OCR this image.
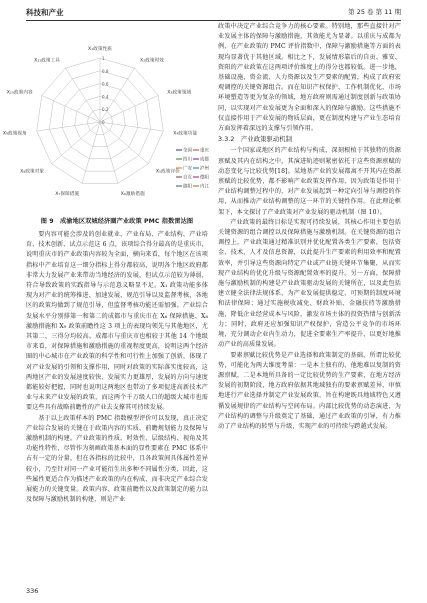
科技和产业	第 25 卷 第 11 期
X₁政策性质
X₂政策时效
X₃政策领域
X₄政策功能
X₅政策评价
X₆激励措施
X₇保障措施
X₈政策对象
X₉政策视角
X₁₀政策内容
X₁₁政策工具
1
0.8
0.6
0.4
0.2
0
全国 重庆
四川 成都
广安 泸州
自贡 德阳
绵阳 内江
图 9　成渝地区双城经济圈产业政策 PMC 指数雷达图

要内容可能会涉及的创业就业、产业布局、产业结构、产业培育、技术创新、试点示范这 6 点，该项综合得分最高的是重庆市，说明重庆市的产业政策内容较为全面，横向来看，每个地区在该项指标中产业培育这一细分指标上得分都较高，说明各个地区政府都非常大力发展产业来带动当地经济的发展，但试点示范较为薄弱，符合导致政策的实践指导与示范意义略显不足。X₁ 政策功能多体现为对产业的统筹推进、加速发展、规范引导以及监督考核，各地区的政策均做到了规范引导，但监督考核功能还需加强。产业综合发展水平分别排第一和第二的成都市与重庆市在 X₆ 保障措施、X₈ 激励措施和 X₉ 政策前瞻性这 3 项上的表现均领先与其他地区，尤其第二、三得分均较高。成都市与重庆市也相较于其他 14 个地级市来看，对保障措施和激励措施的重视程度更高，说明这两个经济圈的中心城市在产业政策的科学性和可行性上加强了创新，体现了对产业发展的引领和支撑作用，同时对政策的实际落实度较高，这两地区产业的发展速度较快、发展实力更雄厚，发展的方向与速度都能较好把握，同时也说明这两地区也带动了多项促进高新技术产业与未来产业发展的政策，而这两个千万级人口的超级大城市也需要这些具有战略前瞻性的产业去支撑其可持续发展。

基于以上政策样本的 PMC 指数模型评价可以发现，真正决定产业综合发展的关键在于政策内容的实质、前瞻规划能力及保障与激励机制的构建。产业政策的性质、时效性、层级结构、视角及其功能性特性，尽管作为刻画政策基本面的显性要素在 PMC 体系中占有一定的分量，但在各指标的比较中，且各政策间具体属性差异较小，乃至针对同一产业可能衍生出多种不同属性分类，因此，这些属性更适合作为描述产业政策的内在构成，而非决定产业综合发展能力的关键变量。政策内容、政策前瞻性以及政策制定的能力以及保障与激励机制的构建，则是产业

政策中决定产业综合竞争力的核心要素。特别地，那些直接针对产业发展主体的保障与激励措施，其效能尤为显著。以重庆与成都为例，在产业政策的 PMC 评价指数中，保障与激励措施等方面的表现均显著优于其他区域。相比之下，发展情形靠后的自贡、雅安、资阳的产业政策在这两项评价维度上的得分也都较低。进一步地，基础设施、资金流、人力资源以及生产要素的配置，构成了政府宏观调控的关键资源组合。而在知识产权保护、工作机制优化、市场环境塑造等更为复杂的领域，地方政府则需通过制度创新与政策协同，以实现对产业发展更为全面和深入的保障与激励。这些措施不仅直接作用于产业发展的物质层面，更在制度构建与产业生态培育方面发挥着深远的支撑与引领作用。

3.3.2　产业政策驱动机制

一个国家或地区的产业结构与构成，深刻根植于其独特的资源禀赋及其内在结构之中，其演进轨迹则紧密依托于这些资源禀赋的动态变化与比较优势[18]。某地基产业的发展都离不开其内在资源禀赋的比较优势，都不影响产业政策发挥作用，因为政策是作用于产业结构调整过程中的，对产业发展起到一种定向引导与调控的作用，从而推动产业结构调整的这一环节的关键性作用。在此理论框架下，本文探讨了产业政策对产业发展的驱动机制（图 10）。

产业政策的最终目标是实现可持续发展，其核心作用主要包括关键资源的组合调控以及保障措施与激励机制。在关键资源的组合调控上，产业政策通过精准识别并优化配置各类生产要素，包括资金、技术、人才及信息资源，以此提升生产要素的利用效率和配置效率，并引导这些资源向特定产业或产业链关键环节集聚，从而实现产业结构的优化升级与资源配置效率的提升。另一方面，保障措施与激励机制的构建是产业政策驱动发展的关键所在，以及此包括建立健全法律法规体系，为产业发展提供稳定、可预期的制度环境和法律保障；通过实施税收减免、财政补贴、金融扶持等激励措施，降低企业经营成本与风险，激发市场主体的投资热情与创新活力；同时，政府还应加强知识产权保护，营造公平竞争的市场环境，充分调动企业内生动力，促进全要素生产率提升，以更好地推动产业的高质量发展。

要素禀赋比较优势是产业选择和政策制定的基础，所谓比较优势，可能化为两大维度考量：一是本土独有的、他地难以复制的资源禀赋，二是本地所具备的一定比较优势的生产要素，在地方经济发展的初期阶段，地方政府依据其地域独有的要素禀赋差异，审慎地进行产业选择并制定产业发展政策，旨在构建既具地域特色又遵循发展规律的产业结构与空间布局。内部比较优势的动态演进，为产业结构的调整与升级奠定了基础，通过产业政策的引导，有力推动了产业结构的转型与升级，实现产业的可持续与跨越式发展。

336
